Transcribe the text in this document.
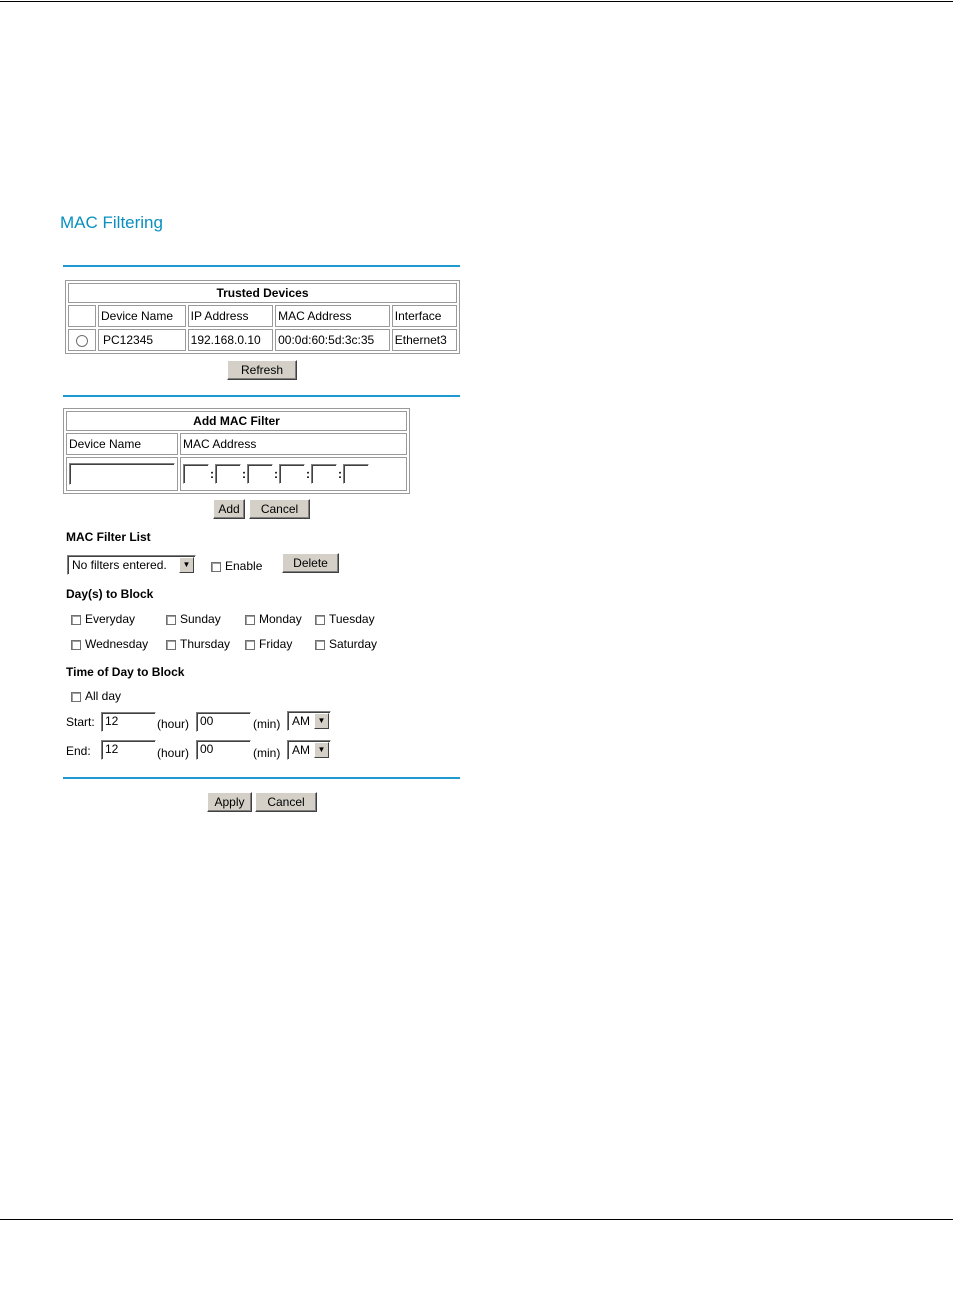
MAC Filtering
Trusted Devices				
	Device Name	IP Address	MAC Address	Interface
	PC12345	192.168.0.10	00:0d:60:5d:3c:35	Ethernet3
Refresh
Add MAC Filter	
Device Name	MAC Address
	: : : : :
Add	Cancel
MAC Filter List
No filters entered.	▼	Enable	Delete
Day(s) to Block
Everyday	Sunday	Monday	Tuesday
Wednesday	Thursday	Friday	Saturday
Time of Day to Block
All day
Start: 12	(hour) 00	(min) AM ▼
End:	12	(hour) 00	(min) AM ▼
Apply	Cancel
